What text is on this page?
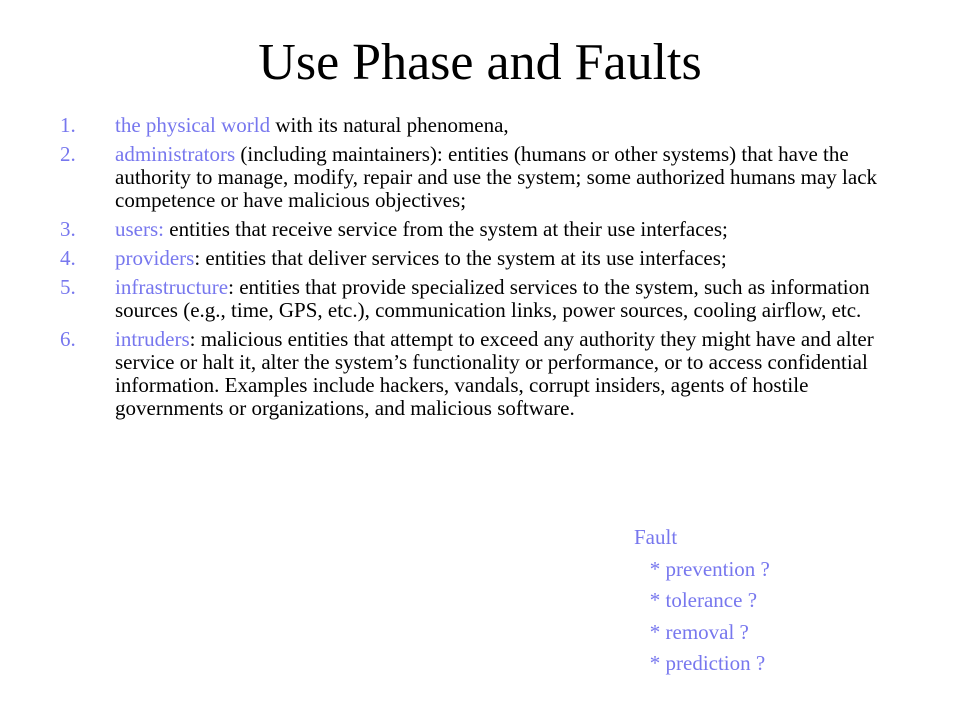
Use Phase and Faults
1. the physical world with its natural phenomena,
2. administrators (including maintainers): entities (humans or other systems) that have the authority to manage, modify, repair and use the system; some authorized humans may lack competence or have malicious objectives;
3. users: entities that receive service from the system at their use interfaces;
4. providers: entities that deliver services to the system at its use interfaces;
5. infrastructure: entities that provide specialized services to the system, such as information sources (e.g., time, GPS, etc.), communication links, power sources, cooling airflow, etc.
6. intruders: malicious entities that attempt to exceed any authority they might have and alter service or halt it, alter the system’s functionality or performance, or to access confidential information. Examples include hackers, vandals, corrupt insiders, agents of hostile governments or organizations, and malicious software.
Fault
* prevention ?
* tolerance ?
* removal ?
* prediction ?
